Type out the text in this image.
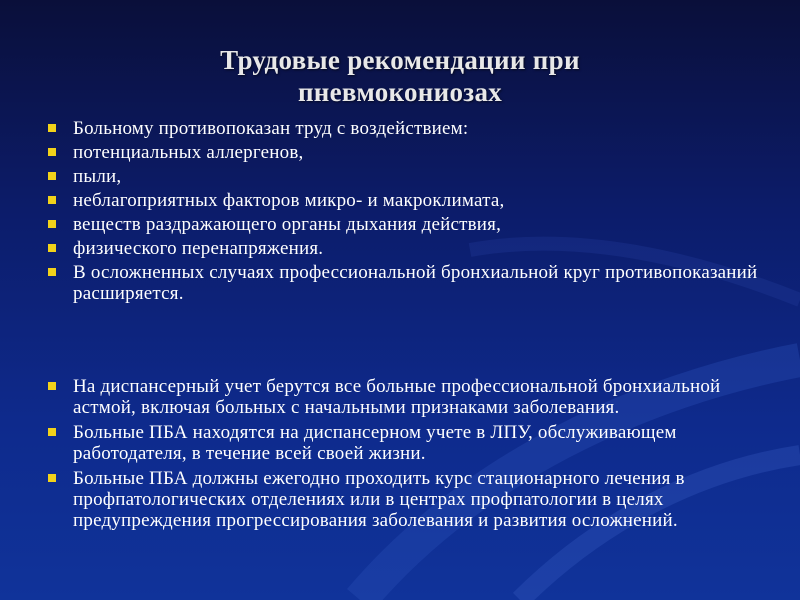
Трудовые рекомендации при
пневмокониозах
Больному противопоказан труд с воздействием:
потенциальных аллергенов,
пыли,
неблагоприятных факторов микро- и макроклимата,
веществ раздражающего органы дыхания действия,
физического перенапряжения.
В осложненных случаях профессиональной бронхиальной круг противопоказаний расширяется.
На диспансерный учет берутся все больные профессиональной бронхиальной астмой, включая больных с начальными признаками заболевания.
Больные ПБА находятся на диспансерном учете в ЛПУ, обслуживающем работодателя, в течение всей своей жизни.
Больные ПБА должны ежегодно проходить курс стационарного лечения в профпатологических отделениях или в центрах профпатологии в целях предупреждения прогрессирования заболевания и развития осложнений.
